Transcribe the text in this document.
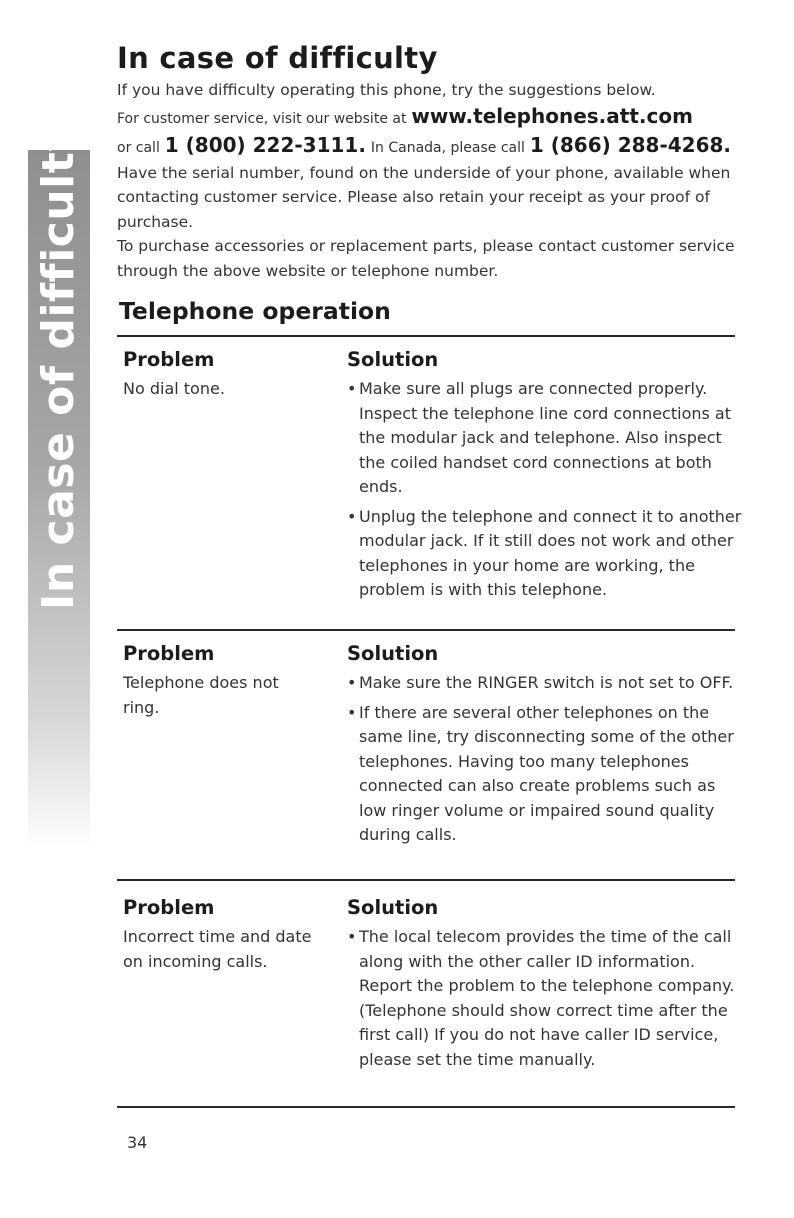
In case of difficulty
In case of difficulty

If you have difficulty operating this phone, try the suggestions below.

For customer service, visit our website at www.telephones.att.com

or call 1 (800) 222-3111. In Canada, please call 1 (866) 288-4268.

Have the serial number, found on the underside of your phone, available when contacting customer service. Please also retain your receipt as your proof of purchase.

To purchase accessories or replacement parts, please contact customer service through the above website or telephone number.

Telephone operation

Problem

No dial tone.

Solution

• Make sure all plugs are connected properly. Inspect the telephone line cord connections at the modular jack and telephone. Also inspect the coiled handset cord connections at both ends.
• Unplug the telephone and connect it to another modular jack. If it still does not work and other telephones in your home are working, the problem is with this telephone.

Problem

Telephone does not ring.

Solution

• Make sure the RINGER switch is not set to OFF.
• If there are several other telephones on the same line, try disconnecting some of the other telephones. Having too many telephones connected can also create problems such as low ringer volume or impaired sound quality during calls.

Problem

Incorrect time and date on incoming calls.

Solution

• The local telecom provides the time of the call along with the other caller ID information. Report the problem to the telephone company. (Telephone should show correct time after the first call) If you do not have caller ID service, please set the time manually.
34
